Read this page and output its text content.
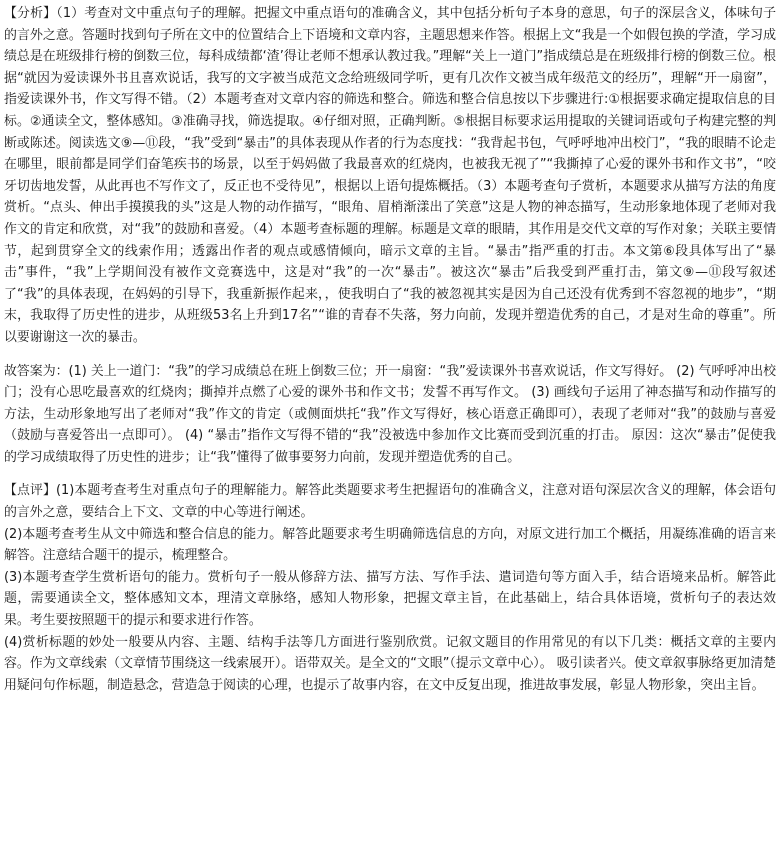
【分析】（1）考查对文中重点句子的理解。把握文中重点语句的准确含义，其中包括分析句子本身的意思，句子的深层含义，体味句子的言外之意。答题时找到句子所在文中的位置结合上下语境和文章内容，主题思想来作答。根据上文“我是一个如假包换的学渣，学习成绩总是在班级排行榜的倒数三位，每科成绩都‘渣’得让老师不想承认教过我。”理解“关上一道门”指成绩总是在班级排行榜的倒数三位。根据“就因为爱读课外书且喜欢说话，我写的文字被当成范文念给班级同学听，更有几次作文被当成年级范文的经历”，理解“开一扇窗”，指爱读课外书，作文写得不错。（2）本题考查对文章内容的筛选和整合。筛选和整合信息按以下步骤进行:①根据要求确定提取信息的目标。②通读全文，整体感知。③准确寻找，筛选提取。④仔细对照，正确判断。⑤根据目标要求运用提取的关键词语或句子构建完整的判断或陈述。阅读选文⑨—⑪段，“我”受到“暴击”的具体表现从作者的行为态度找：“我背起书包，气呼呼地冲出校门”，“我的眼睛不论走在哪里，眼前都是同学们奋笔疾书的场景，以至于妈妈做了我最喜欢的红烧肉，也被我无视了”“我撕掉了心爱的课外书和作文书”，“咬牙切齿地发誓，从此再也不写作文了，反正也不受待见”，根据以上语句提炼概括。（3）本题考查句子赏析，本题要求从描写方法的角度赏析。“点头、伸出手摸摸我的头”这是人物的动作描写，“眼角、眉梢渐漾出了笑意”这是人物的神态描写，生动形象地体现了老师对我作文的肯定和欣赏，对“我”的鼓励和喜爱。（4）本题考查标题的理解。标题是文章的眼睛，其作用是交代文章的写作对象；关联主要情节，起到贯穿全文的线索作用；透露出作者的观点或感情倾向，暗示文章的主旨。“暴击”指严重的打击。本文第⑥段具体写出了“暴击”事件，“我”上学期间没有被作文竞赛选中，这是对“我”的一次“暴击”。被这次“暴击”后我受到严重打击，第文⑨—⑪段写叙述了“我”的具体表现，在妈妈的引导下，我重新振作起来，，使我明白了“我的被忽视其实是因为自己还没有优秀到不容忽视的地步”，“期末，我取得了历史性的进步，从班级53名上升到17名”“谁的青春不失落，努力向前，发现并塑造优秀的自己，才是对生命的尊重”。所以要谢谢这一次的暴击。

故答案为：(1) 关上一道门：“我”的学习成绩总在班上倒数三位；开一扇窗：“我”爱读课外书喜欢说话，作文写得好。 (2) 气呼呼冲出校门；没有心思吃最喜欢的红烧肉；撕掉并点燃了心爱的课外书和作文书；发誓不再写作文。 (3) 画线句子运用了神态描写和动作描写的方法，生动形象地写出了老师对“我”作文的肯定（或侧面烘托“我”作文写得好，核心语意正确即可），表现了老师对“我”的鼓励与喜爱（鼓励与喜爱答出一点即可）。 (4) “暴击”指作文写得不错的“我”没被选中参加作文比赛而受到沉重的打击。 原因：这次“暴击”促使我的学习成绩取得了历史性的进步；让“我”懂得了做事要努力向前，发现并塑造优秀的自己。

【点评】(1)本题考查考生对重点句子的理解能力。解答此类题要求考生把握语句的准确含义，注意对语句深层次含义的理解，体会语句的言外之意，要结合上下文、文章的中心等进行阐述。

(2)本题考查考生从文中筛选和整合信息的能力。解答此题要求考生明确筛选信息的方向，对原文进行加工个概括，用凝练准确的语言来解答。注意结合题干的提示，梳理整合。

(3)本题考查学生赏析语句的能力。赏析句子一般从修辞方法、描写方法、写作手法、遣词造句等方面入手，结合语境来品析。解答此题，需要通读全文，整体感知文本，理清文章脉络，感知人物形象，把握文章主旨，在此基础上，结合具体语境，赏析句子的表达效果。考生要按照题干的提示和要求进行作答。

(4)赏析标题的妙处一般要从内容、主题、结构手法等几方面进行鉴别欣赏。记叙文题目的作用常见的有以下几类：概括文章的主要内容。作为文章线索（文章情节围绕这一线索展开）。语带双关。是全文的“文眼”（提示文章中心）。 吸引读者兴。使文章叙事脉络更加清楚用疑问句作标题，制造悬念，营造急于阅读的心理，也提示了故事内容，在文中反复出现，推进故事发展，彰显人物形象，突出主旨。
